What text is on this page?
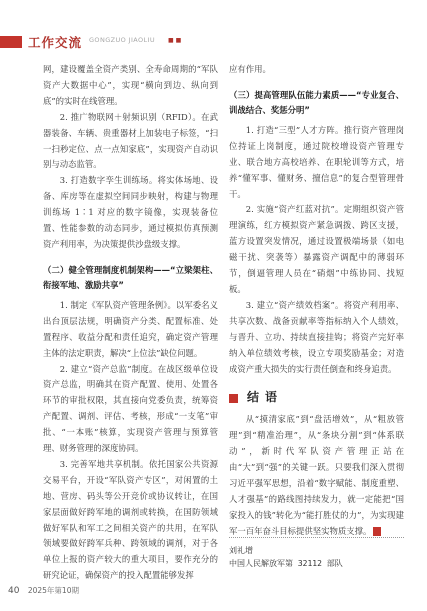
工作交流 GONGZUO JIAOLIU ■ ■

网，建设覆盖全资产类别、全寿命周期的“军队资产大数据中心”，实现“横向到边、纵向到底”的实时在线管理。

2. 推广物联网＋射频识别（RFID）。在武器装备、车辆、贵重器材上加装电子标签，“扫一扫秒定位、点一点知家底”，实现资产自动识别与动态监管。

3. 打造数字孪生训练场。将实体场地、设备、库房等在虚拟空间同步映射，构建与物理训练场 1∶1 对应的数字镜像，实现装备位置、性能参数的动态同步，通过模拟仿真预测资产利用率，为决策提供沙盘级支撑。

（二）健全管理制度机制架构——“立梁架柱、衔接军地、激励共享”

1. 制定《军队资产管理条例》。以军委名义出台顶层法规，明确资产分类、配置标准、处置程序、收益分配和责任追究，确定资产管理主体的法定职责，解决“上位法”缺位问题。

2. 建立“资产总监”制度。在战区级单位设资产总监，明确其在资产配置、使用、处置各环节的审批权限，其直接向党委负责，统筹资产配置、调剂、评估、考核，形成“一支笔”审批、“一本账”核算，实现资产管理与预算管理、财务管理的深度协同。

3. 完善军地共享机制。依托国家公共资源交易平台，开设“军队资产专区”，对闲置的土地、营房、码头等公开竞价或协议转让，在国家层面做好跨军地的调剂或转换，在国防领域做好军队和军工之间相关资产的共用，在军队领域要做好跨军兵种、跨领域的调剂，对于各单位上报的资产较大的重大项目，要作充分的研究论证，确保资产的投入配置能够发挥

应有作用。

（三）提高管理队伍能力素质——“专业复合、训战结合、奖惩分明”

1. 打造“三型”人才方阵。推行资产管理岗位持证上岗制度，通过院校增设资产管理专业、联合地方高校培养、在职轮训等方式，培养“懂军事、懂财务、擅信息”的复合型管理骨干。

2. 实施“资产红蓝对抗”。定期组织资产管理演练，红方模拟资产紧急调拨、跨区支援，蓝方设置突发情况，通过设置极端场景（如电磁干扰、突袭等）暴露资产调配中的薄弱环节，倒逼管理人员在“硝烟”中练协同、找短板。

3. 建立“资产绩效档案”。将资产利用率、共享次数、战备贡献率等指标纳入个人绩效，与晋升、立功、持续直接挂钩；将资产完好率纳入单位绩效考核，设立专项奖励基金；对造成资产重大损失的实行责任倒查和终身追责。

结语

从“摸清家底”到“盘活增效”，从“粗放管理”到“精准治理”，从“条块分割”到“体系联动”，新时代军队资产管理正站在由“大”到“强”的关键一跃。只要我们深入贯彻习近平强军思想，沿着“数字赋能、制度重塑、人才强基”的路线图持续发力，就一定能把“国家投入的钱”转化为“能打胜仗的力”，为实现建军一百年奋斗目标提供坚实物质支撑。	G

刘礼增
中国人民解放军第 32112 部队
40 2025年第10期
